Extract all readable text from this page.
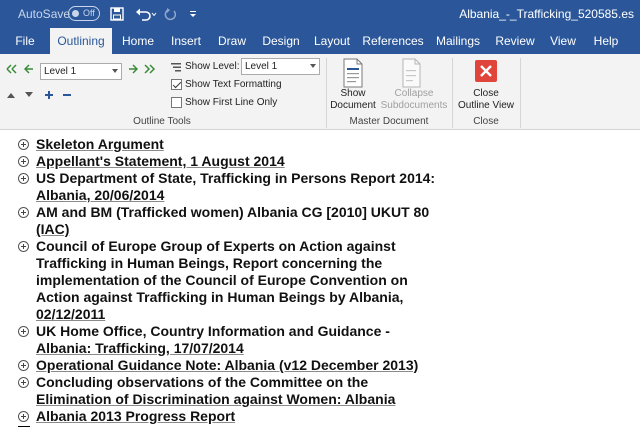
AutoSave	Off	Albania_-_Trafficking_520585.es
File	Outlining	Home	Insert	Draw	Design	Layout	References	Mailings	Review	View	Help
Level 1	Show Level: Level 1
Show Text Formatting
Show First Line Only
Outline Tools
Show
Document
Collapse
Subdocuments
Master Document
Close
Outline View
Close
Skeleton Argument
Appellant's Statement, 1 August 2014
US Department of State, Trafficking in Persons Report 2014:
Albania, 20/06/2014
AM and BM (Trafficked women) Albania CG [2010] UKUT 80
(IAC)
Council of Europe Group of Experts on Action against
Trafficking in Human Beings, Report concerning the
implementation of the Council of Europe Convention on
Action against Trafficking in Human Beings by Albania,
02/12/2011
UK Home Office, Country Information and Guidance -
Albania: Trafficking, 17/07/2014
Operational Guidance Note: Albania (v12 December 2013)
Concluding observations of the Committee on the
Elimination of Discrimination against Women: Albania
Albania 2013 Progress Report
